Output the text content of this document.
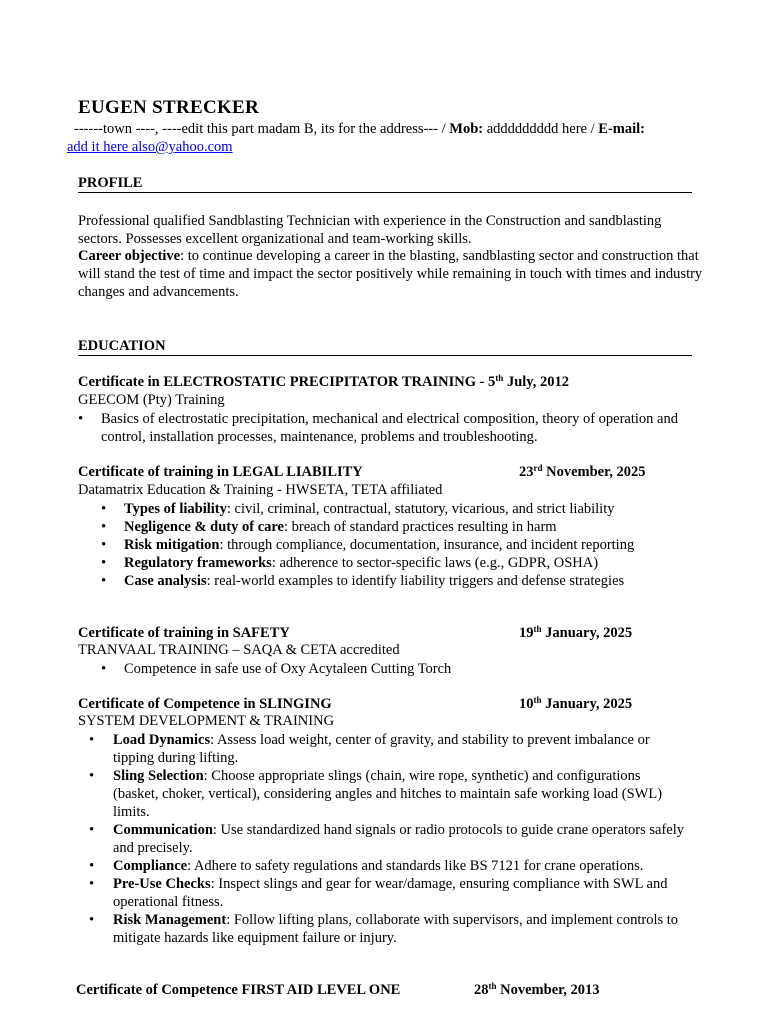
EUGEN STRECKER
------town ----, ----edit this part madam B, its for the address--- / Mob: addddddddd here / E-mail:
add it here also@yahoo.com
PROFILE
Professional qualified Sandblasting Technician with experience in the Construction and sandblasting sectors. Possesses excellent organizational and team-working skills.
Career objective: to continue developing a career in the blasting, sandblasting sector and construction that will stand the test of time and impact the sector positively while remaining in touch with times and industry changes and advancements.
EDUCATION
Certificate in ELECTROSTATIC PRECIPITATOR TRAINING - 5th July, 2012
GEECOM (Pty) Training
• Basics of electrostatic precipitation, mechanical and electrical composition, theory of operation and control, installation processes, maintenance, problems and troubleshooting.
Certificate of training in LEGAL LIABILITY	23rd November, 2025
Datamatrix Education & Training - HWSETA, TETA affiliated
• Types of liability: civil, criminal, contractual, statutory, vicarious, and strict liability
• Negligence & duty of care: breach of standard practices resulting in harm
• Risk mitigation: through compliance, documentation, insurance, and incident reporting
• Regulatory frameworks: adherence to sector-specific laws (e.g., GDPR, OSHA)
• Case analysis: real-world examples to identify liability triggers and defense strategies
Certificate of training in SAFETY	19th January, 2025
TRANVAAL TRAINING – SAQA & CETA accredited
• Competence in safe use of Oxy Acytaleen Cutting Torch
Certificate of Competence in SLINGING	10th January, 2025
SYSTEM DEVELOPMENT & TRAINING
• Load Dynamics: Assess load weight, center of gravity, and stability to prevent imbalance or tipping during lifting.
• Sling Selection: Choose appropriate slings (chain, wire rope, synthetic) and configurations (basket, choker, vertical), considering angles and hitches to maintain safe working load (SWL) limits.
• Communication: Use standardized hand signals or radio protocols to guide crane operators safely and precisely.
• Compliance: Adhere to safety regulations and standards like BS 7121 for crane operations.
• Pre-Use Checks: Inspect slings and gear for wear/damage, ensuring compliance with SWL and operational fitness.
• Risk Management: Follow lifting plans, collaborate with supervisors, and implement controls to mitigate hazards like equipment failure or injury.
Certificate of Competence FIRST AID LEVEL ONE	28th November, 2013
